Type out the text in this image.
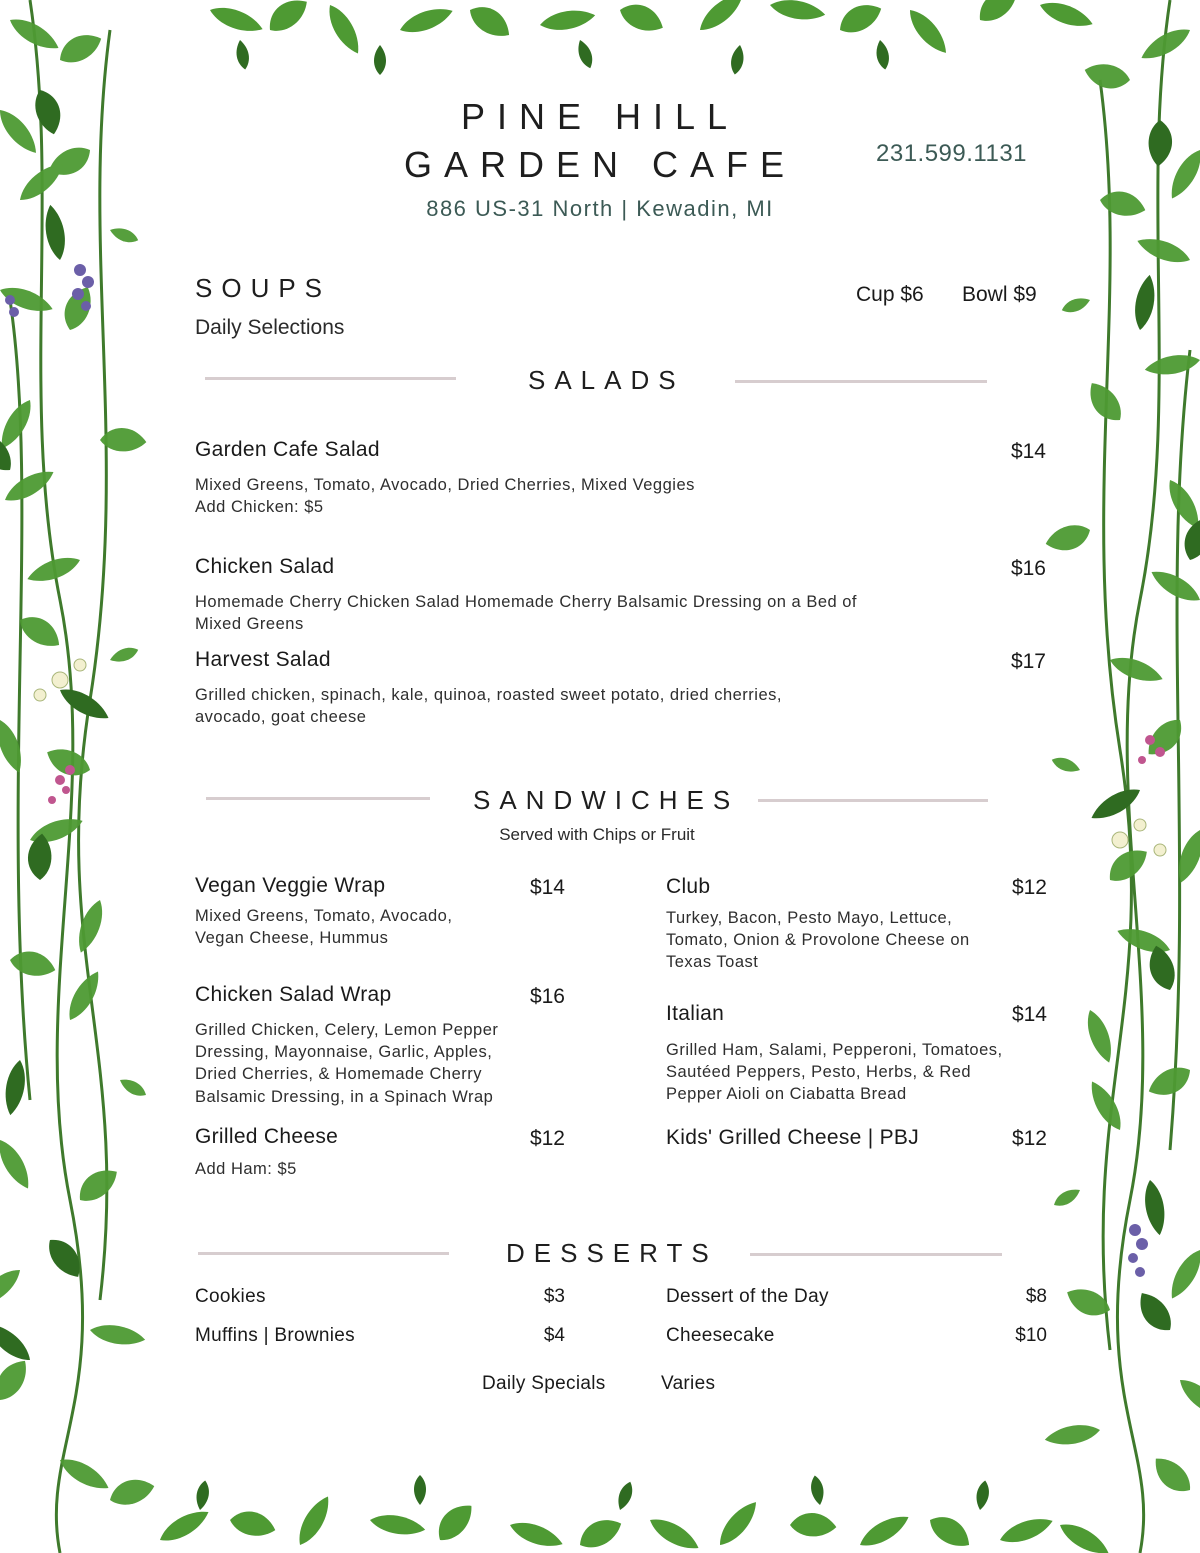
PINE HILL
GARDEN CAFE
886 US-31 North | Kewadin, MI
231.599.1131
SOUPS
Daily Selections
Cup $6 Bowl $9
SALADS
Garden Cafe Salad	$14
Mixed Greens, Tomato, Avocado, Dried Cherries, Mixed Veggies
Add Chicken: $5
Chicken Salad	$16
Homemade Cherry Chicken Salad Homemade Cherry Balsamic Dressing on a Bed of
Mixed Greens
Harvest Salad	$17
Grilled chicken, spinach, kale, quinoa, roasted sweet potato, dried cherries,
avocado, goat cheese
SANDWICHES
Served with Chips or Fruit
Vegan Veggie Wrap	$14
Mixed Greens, Tomato, Avocado,
Vegan Cheese, Hummus
Chicken Salad Wrap	$16
Grilled Chicken, Celery, Lemon Pepper
Dressing, Mayonnaise, Garlic, Apples,
Dried Cherries, & Homemade Cherry
Balsamic Dressing, in a Spinach Wrap
Grilled Cheese	$12
Add Ham: $5
Club	$12
Turkey, Bacon, Pesto Mayo, Lettuce,
Tomato, Onion & Provolone Cheese on
Texas Toast
Italian	$14
Grilled Ham, Salami, Pepperoni, Tomatoes,
Sautéed Peppers, Pesto, Herbs, & Red
Pepper Aioli on Ciabatta Bread
Kids' Grilled Cheese | PBJ	$12
DESSERTS
Cookies	$3
Muffins | Brownies	$4
Dessert of the Day	$8
Cheesecake	$10
Daily Specials	Varies
